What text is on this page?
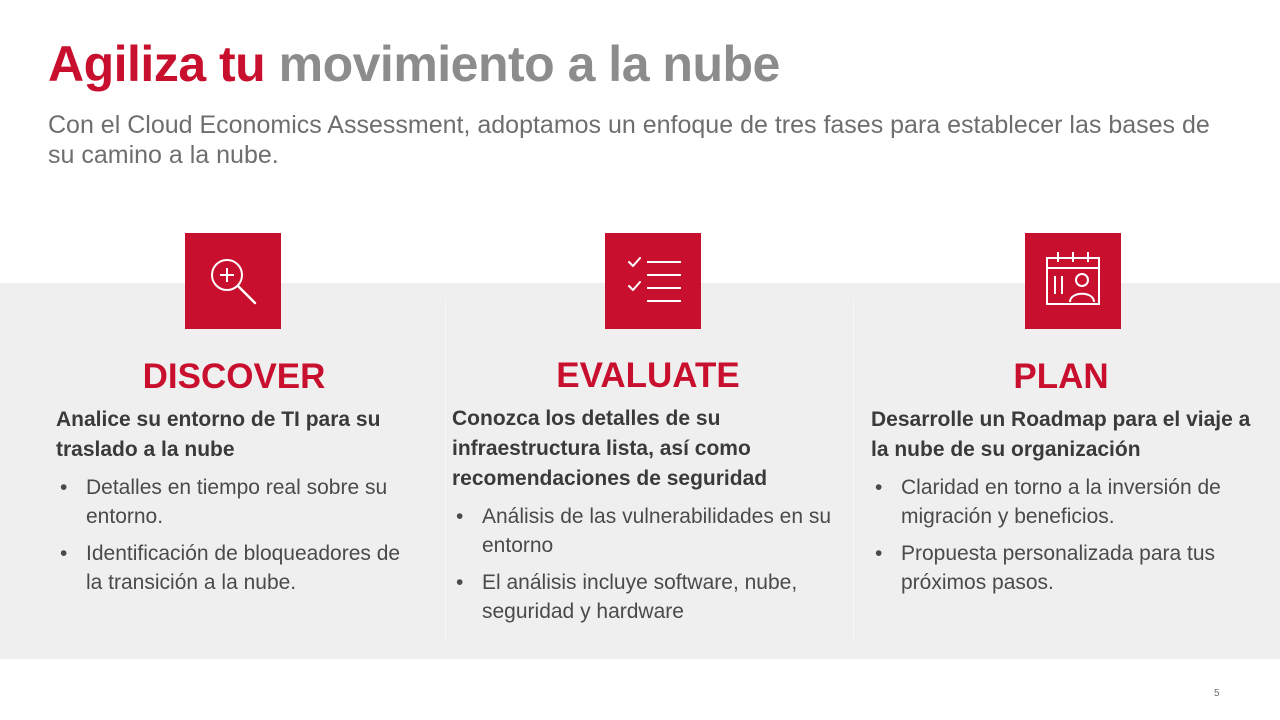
Agiliza tu movimiento a la nube

Con el Cloud Economics Assessment, adoptamos un enfoque de tres fases para establecer las bases de su camino a la nube.

DISCOVER

Analice su entorno de TI para su traslado a la nube

• Detalles en tiempo real sobre su entorno.
• Identificación de bloqueadores de la transición a la nube.
EVALUATE

Conozca los detalles de su infraestructura lista, así como recomendaciones de seguridad

• Análisis de las vulnerabilidades en su entorno
• El análisis incluye software, nube, seguridad y hardware
PLAN

Desarrolle un Roadmap para el viaje a la nube de su organización

• Claridad en torno a la inversión de migración y beneficios.
• Propuesta personalizada para tus próximos pasos.
5
